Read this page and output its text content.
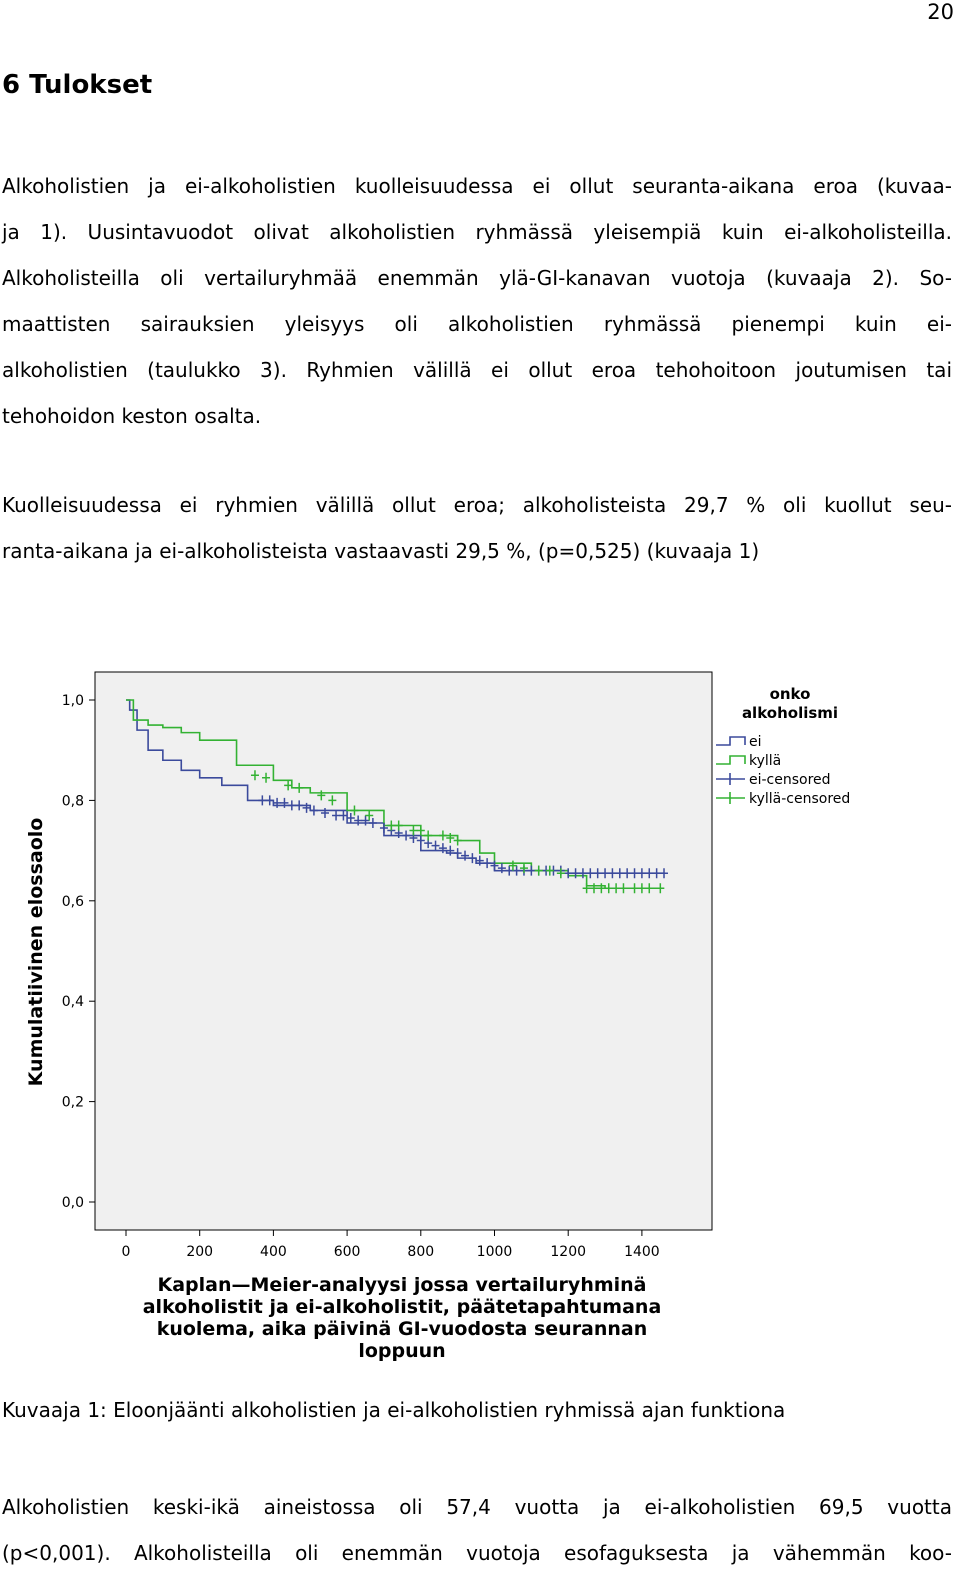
20
6 Tulokset
Alkoholistien ja ei-alkoholistien kuolleisuudessa ei ollut seuranta-aikana eroa (kuvaa-
ja 1). Uusintavuodot olivat alkoholistien ryhmässä yleisempiä kuin ei-alkoholisteilla.
Alkoholisteilla oli vertailuryhmää enemmän ylä-GI-kanavan vuotoja (kuvaaja 2). So-
maattisten sairauksien yleisyys oli alkoholistien ryhmässä pienempi kuin ei-
alkoholistien (taulukko 3). Ryhmien välillä ei ollut eroa tehohoitoon joutumisen tai
tehohoidon keston osalta.
Kuolleisuudessa ei ryhmien välillä ollut eroa; alkoholisteista 29,7 % oli kuollut seu-
ranta-aikana ja ei-alkoholisteista vastaavasti 29,5 %, (p=0,525) (kuvaaja 1)
0,0
0,2
0,4
0,6
0,8
1,0
0	200	400	600	800	1000	1200	1400
Kumulatiivinen elossaolo
Kaplan—Meier-analyysi jossa vertailuryhminä
alkoholistit ja ei-alkoholistit, päätetapahtumana
kuolema, aika päivinä GI-vuodosta seurannan
loppuun
onko
alkoholismi
ei
kyllä
ei-censored
kyllä-censored

Kuvaaja 1: Eloonjäänti alkoholistien ja ei-alkoholistien ryhmissä ajan funktiona

Alkoholistien keski-ikä aineistossa oli 57,4 vuotta ja ei-alkoholistien 69,5 vuotta
(p<0,001). Alkoholisteilla oli enemmän vuotoja esofaguksesta ja vähemmän koo-
